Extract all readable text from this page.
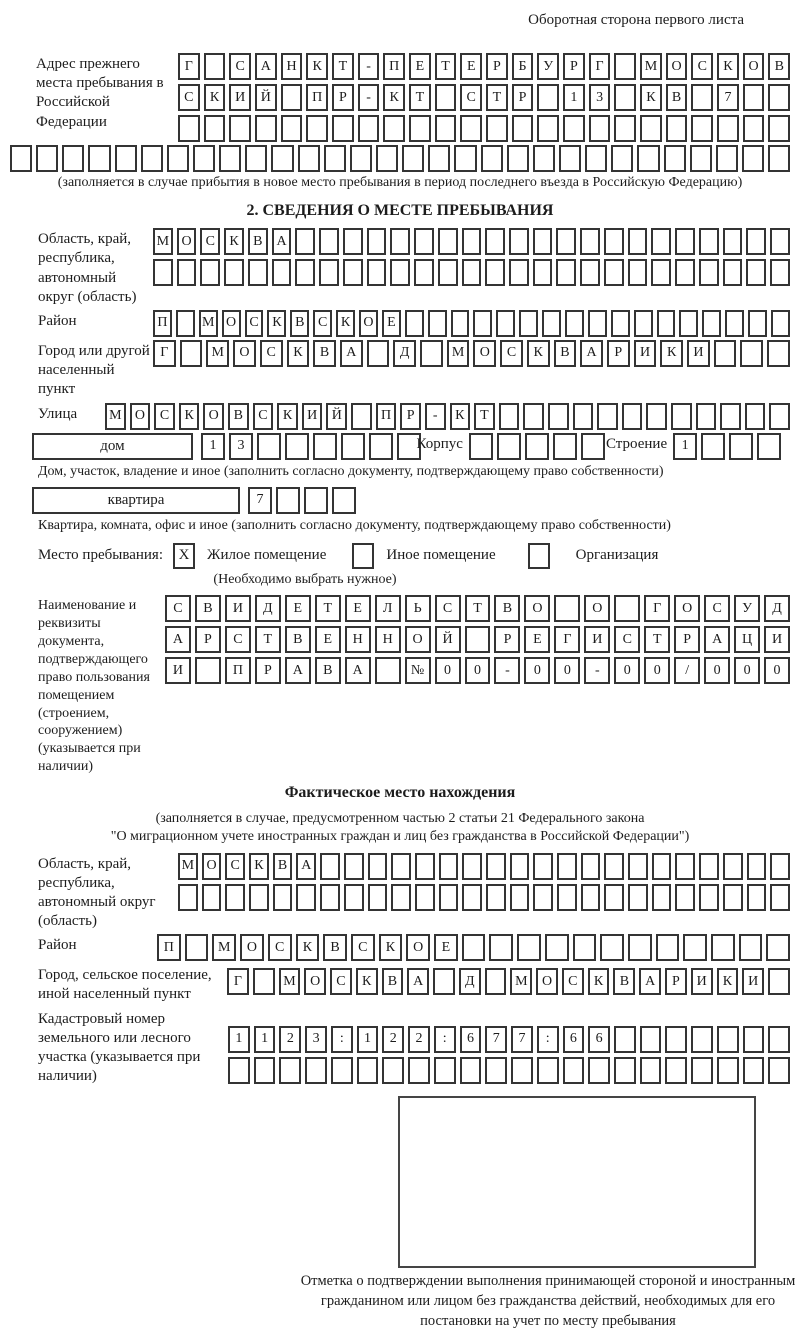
Оборотная сторона первого листа
Адрес прежнего места пребывания в Российской Федерации
Г	С	А	Н	К	Т	-	П	Е	Т	Е	Р	Б	У	Р	Г	М	О	С	К	О	В
С	К	И	Й	П	Р	-	К	Т	С	Т	Р	1	3	К	В	7
(заполняется в случае прибытия в новое место пребывания в период последнего въезда в Российскую Федерацию)
2. СВЕДЕНИЯ О МЕСТЕ ПРЕБЫВАНИЯ
Область, край, республика, автономный округ (область)
М О	С	К	В	А
Район	П	М О С К В С К О Е
Город или другой населенный пункт
Г	М	О	С	К	В	А	Д	М	О	С	К	В	А	Р	И	К	И
Улица	М О	С	К	О	В	С	К	И	Й	П	Р	-	К	Т
дом	1	3	Корпус	Строение	1
Дом, участок, владение и иное (заполнить согласно документу, подтверждающему право собственности)
квартира	7
Квартира, комната, офис и иное (заполнить согласно документу, подтверждающему право собственности)
Место пребывания:	X	Жилое помещение	Иное помещение	Организация
(Необходимо выбрать нужное)
Наименование и реквизиты документа, подтверждающего право пользования помещением (строением, сооружением) (указывается при наличии)
С	В	И	Д	Е	Т	Е	Л	Ь	С	Т	В	О	О	Г	О	С	У	Д
А	Р	С	Т	В	Е	Н	Н	О	Й	Р	Е	Г	И	С	Т	Р	А	Ц	И
И	П	Р	А	В	А	№	0	0	-	0	0	-	0	0	/	0	0	0
Фактическое место нахождения
(заполняется в случае, предусмотренном частью 2 статьи 21 Федерального закона
"О миграционном учете иностранных граждан и лиц без гражданства в Российской Федерации")
Область, край, республика, автономный округ (область)
М О С	К	В А
Район	П	М	О	С	К	В	С	К	О	Е
Город, сельское поселение, иной населенный пункт
Г	М	О	С	К	В	А	Д	М	О	С	К	В	А	Р	И	К	И
Кадастровый номер земельного или лесного участка (указывается при наличии)
1	1	2	3	:	1	2	2	:	6	7	7	:	6	6
Отметка о подтверждении выполнения принимающей стороной и иностранным гражданином или лицом без гражданства действий, необходимых для его постановки на учет по месту пребывания
